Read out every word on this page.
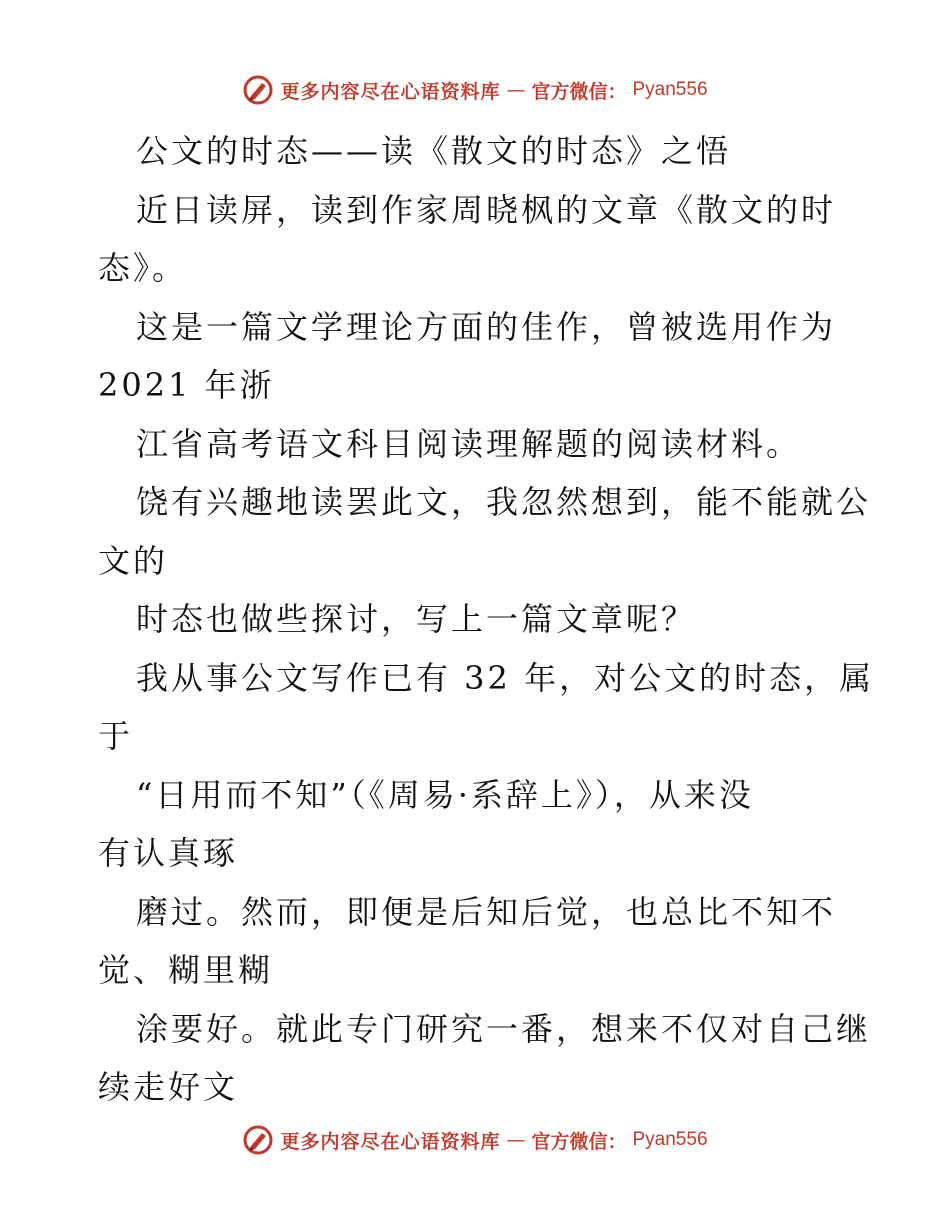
更多内容尽在心语资料库 — 官方微信： Pyan556
公文的时态——读《散文的时态》之悟
近日读屏，读到作家周晓枫的文章《散文的时
态》。
这是一篇文学理论方面的佳作，曾被选用作为
2021 年浙
江省高考语文科目阅读理解题的阅读材料。
饶有兴趣地读罢此文，我忽然想到，能不能就公
文的
时态也做些探讨，写上一篇文章呢？
我从事公文写作已有 32 年，对公文的时态，属
于
“日用而不知”（《周易·系辞上》），从来没
有认真琢
磨过。然而，即便是后知后觉，也总比不知不
觉、糊里糊
涂要好。就此专门研究一番，想来不仅对自己继
续走好文
更多内容尽在心语资料库 — 官方微信： Pyan556
